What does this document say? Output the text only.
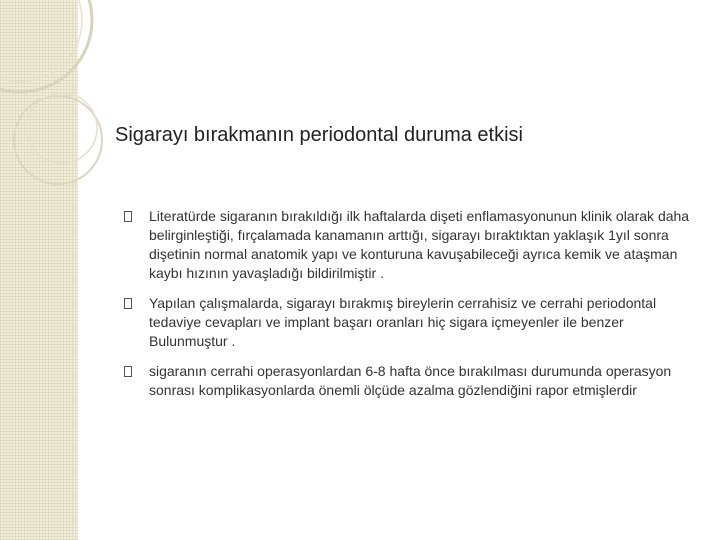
Sigarayı bırakmanın periodontal duruma etkisi
Literatürde sigaranın bırakıldığı ilk haftalarda dişeti enflamasyonunun klinik olarak daha belirginleştiği, fırçalamada kanamanın arttığı, sigarayı bıraktıktan yaklaşık 1yıl sonra dişetinin normal anatomik yapı ve konturuna kavuşabileceği ayrıca kemik ve ataşman kaybı hızının yavaşladığı bildirilmiştir .
Yapılan çalışmalarda, sigarayı bırakmış bireylerin cerrahisiz ve cerrahi periodontal tedaviye cevapları ve implant başarı oranları hiç sigara içmeyenler ile benzer Bulunmuştur .
sigaranın cerrahi operasyonlardan 6-8 hafta önce bırakılması durumunda operasyon sonrası komplikasyonlarda önemli ölçüde azalma gözlendiğini rapor etmişlerdir
